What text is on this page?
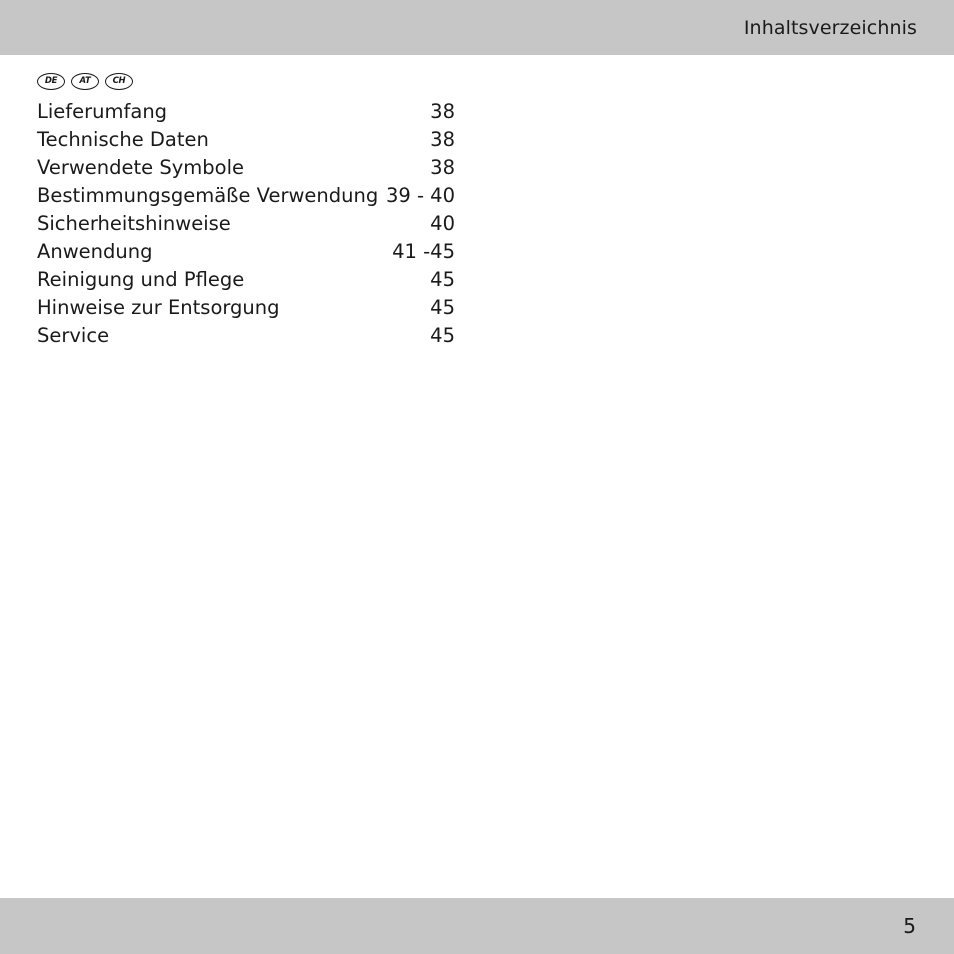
Inhaltsverzeichnis
DE	AT	CH
Lieferumfang	38
Technische Daten	38
Verwendete Symbole	38
Bestimmungsgemäße Verwendung 39 - 40
Sicherheitshinweise	40
Anwendung	41 -45
Reinigung und Pflege	45
Hinweise zur Entsorgung	45
Service	45
5
